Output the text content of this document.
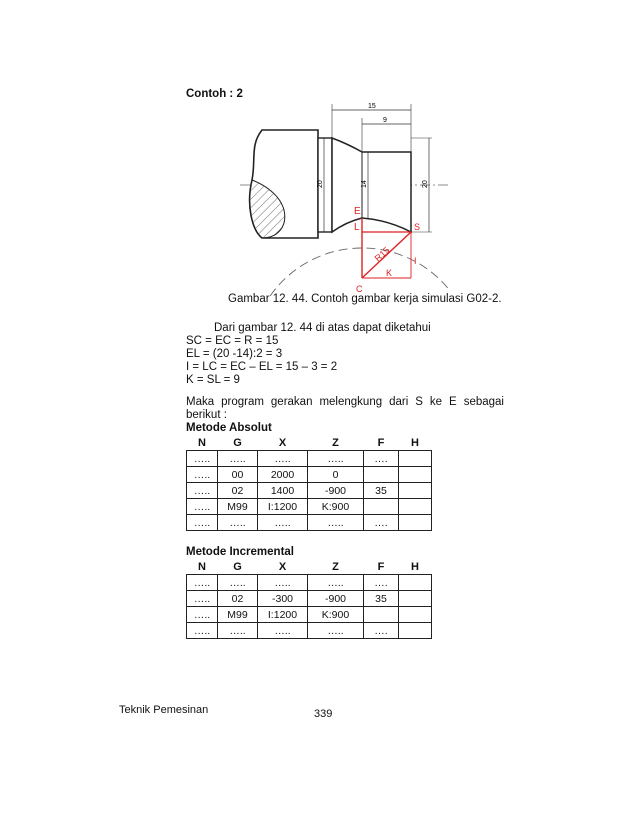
Contoh : 2
15
9
20	14	20
E
L	S
R15
K
C
I
Gambar 12. 44. Contoh gambar kerja simulasi G02-2.
Dari gambar 12. 44 di atas dapat diketahui
SC = EC = R = 15
EL = (20 -14):2 = 3
I = LC = EC – EL = 15 – 3 = 2
K = SL = 9
Maka program gerakan melengkung dari S ke E sebagai
berikut :
Metode Absolut
N	G	X	Z	F	H
…..	…..	…..	…..	….	
…..	00	2000	0		
…..	02	1400	-900	35	
…..	M99	I:1200	K:900		
…..	…..	…..	…..	….	
Metode Incremental
N	G	X	Z	F	H
…..	…..	…..	…..	….	
…..	02	-300	-900	35	
…..	M99	I:1200	K:900		
…..	…..	…..	…..	….	
Teknik Pemesinan	339
